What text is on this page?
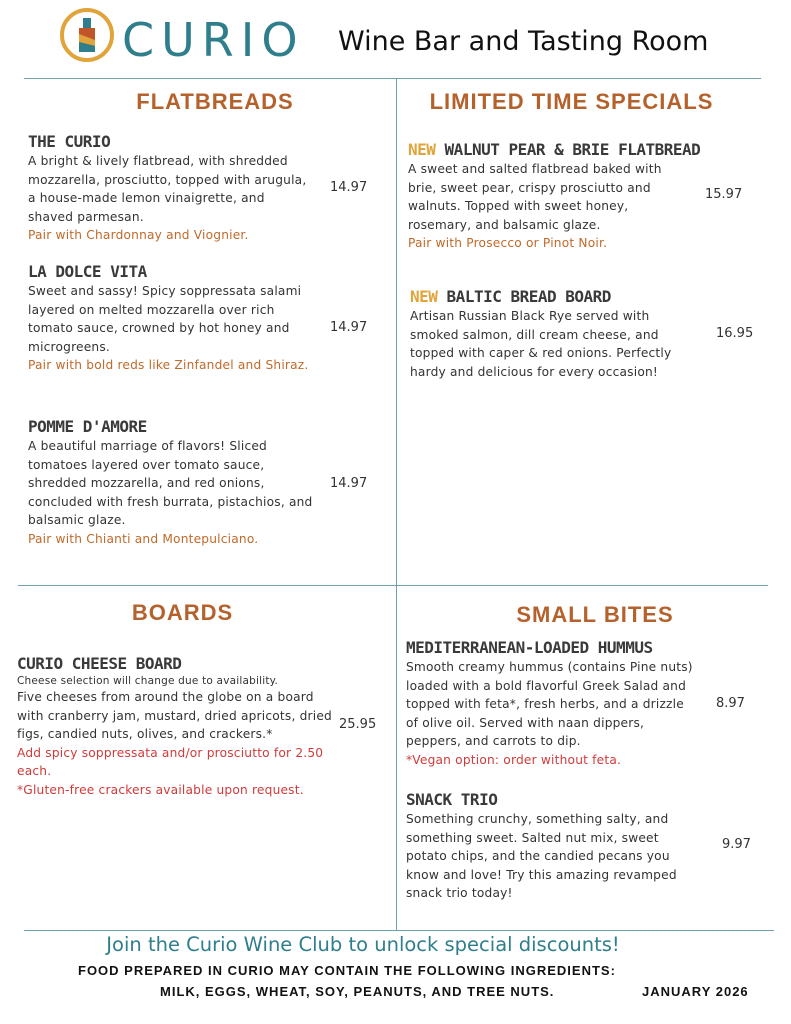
CURIO Wine Bar and Tasting Room
FLATBREADS
THE CURIO
A bright & lively flatbread, with shredded mozzarella, prosciutto, topped with arugula, a house-made lemon vinaigrette, and shaved parmesan.
Pair with Chardonnay and Viognier.
14.97
LA DOLCE VITA
Sweet and sassy! Spicy soppressata salami layered on melted mozzarella over rich tomato sauce, crowned by hot honey and microgreens.
Pair with bold reds like Zinfandel and Shiraz.
14.97
POMME D'AMORE
A beautiful marriage of flavors! Sliced tomatoes layered over tomato sauce, shredded mozzarella, and red onions, concluded with fresh burrata, pistachios, and balsamic glaze.
Pair with Chianti and Montepulciano.
14.97
LIMITED TIME SPECIALS
NEW WALNUT PEAR & BRIE FLATBREAD
A sweet and salted flatbread baked with brie, sweet pear, crispy prosciutto and walnuts. Topped with sweet honey, rosemary, and balsamic glaze.
Pair with Prosecco or Pinot Noir.
15.97
NEW BALTIC BREAD BOARD
Artisan Russian Black Rye served with smoked salmon, dill cream cheese, and topped with caper & red onions. Perfectly hardy and delicious for every occasion!
16.95
BOARDS
CURIO CHEESE BOARD
Cheese selection will change due to availability.
Five cheeses from around the globe on a board with cranberry jam, mustard, dried apricots, dried figs, candied nuts, olives, and crackers.*
Add spicy soppressata and/or prosciutto for 2.50 each.
*Gluten-free crackers available upon request.
25.95
SMALL BITES
MEDITERRANEAN-LOADED HUMMUS
Smooth creamy hummus (contains Pine nuts) loaded with a bold flavorful Greek Salad and topped with feta*, fresh herbs, and a drizzle of olive oil. Served with naan dippers, peppers, and carrots to dip.
*Vegan option: order without feta.
8.97
SNACK TRIO
Something crunchy, something salty, and something sweet. Salted nut mix, sweet potato chips, and the candied pecans you know and love! Try this amazing revamped snack trio today!
9.97
Join the Curio Wine Club to unlock special discounts!
FOOD PREPARED IN CURIO MAY CONTAIN THE FOLLOWING INGREDIENTS:
MILK, EGGS, WHEAT, SOY, PEANUTS, AND TREE NUTS.	JANUARY 2026
